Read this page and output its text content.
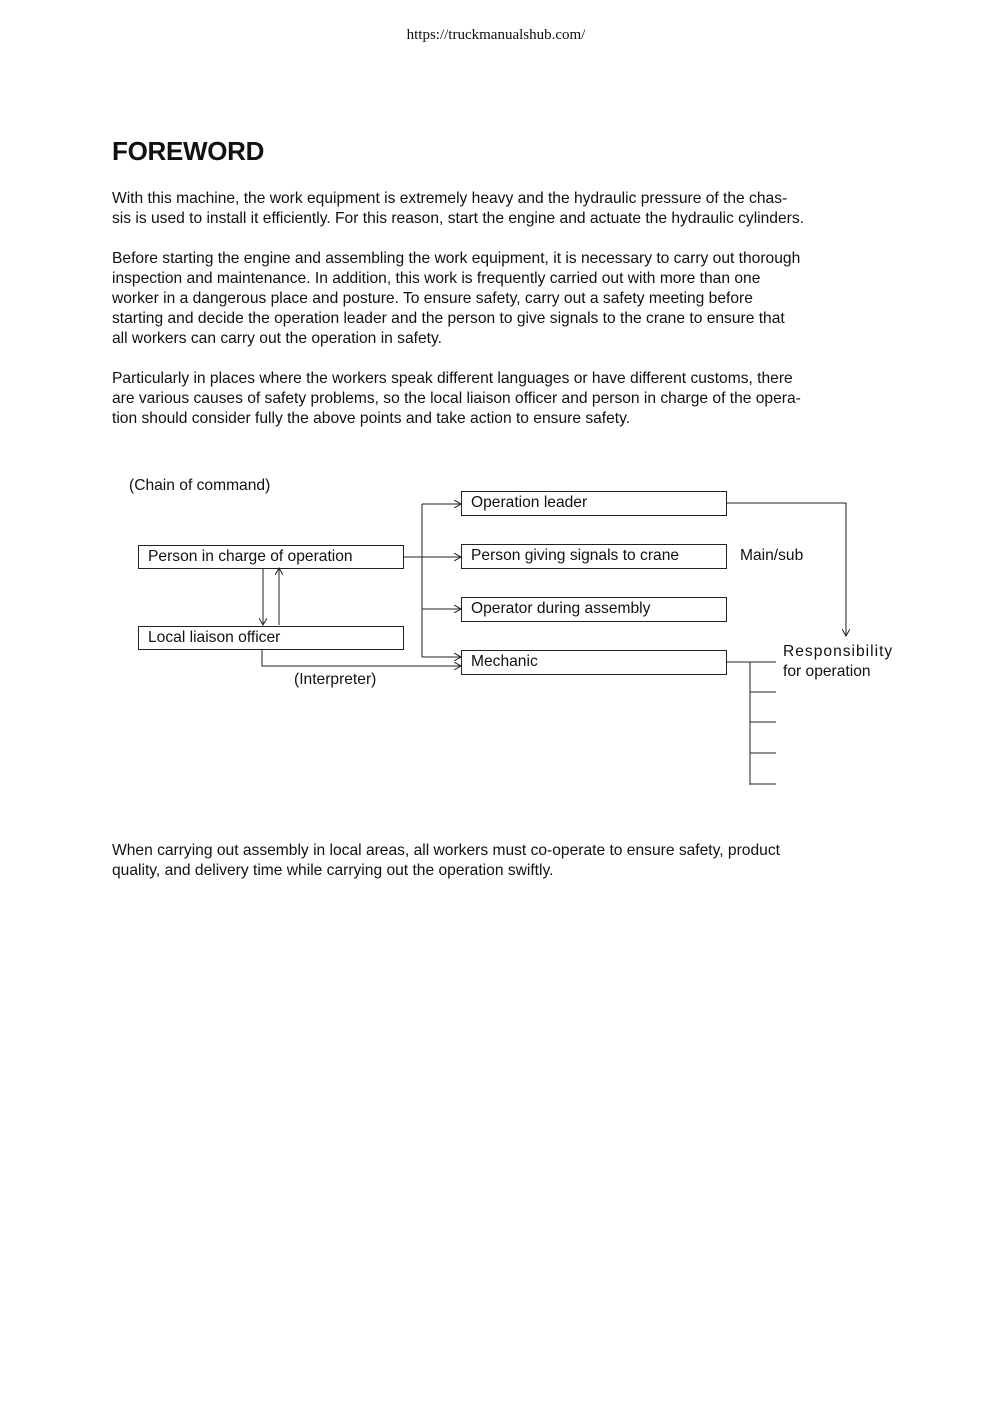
https://truckmanualshub.com/
FOREWORD

With this machine, the work equipment is extremely heavy and the hydraulic pressure of the chas-
sis is used to install it efficiently. For this reason, start the engine and actuate the hydraulic cylinders.

Before starting the engine and assembling the work equipment, it is necessary to carry out thorough
inspection and maintenance. In addition, this work is frequently carried out with more than one
worker in a dangerous place and posture. To ensure safety, carry out a safety meeting before
starting and decide the operation leader and the person to give signals to the crane to ensure that
all workers can carry out the operation in safety.

Particularly in places where the workers speak different languages or have different customs, there
are various causes of safety problems, so the local liaison officer and person in charge of the opera-
tion should consider fully the above points and take action to ensure safety.

(Chain of command)
Person in charge of operation
Local liaison officer
(Interpreter)
Operation leader
Person giving signals to crane	Main/sub
Operator during assembly
Mechanic
Responsibility
for operation

When carrying out assembly in local areas, all workers must co-operate to ensure safety, product
quality, and delivery time while carrying out the operation swiftly.
